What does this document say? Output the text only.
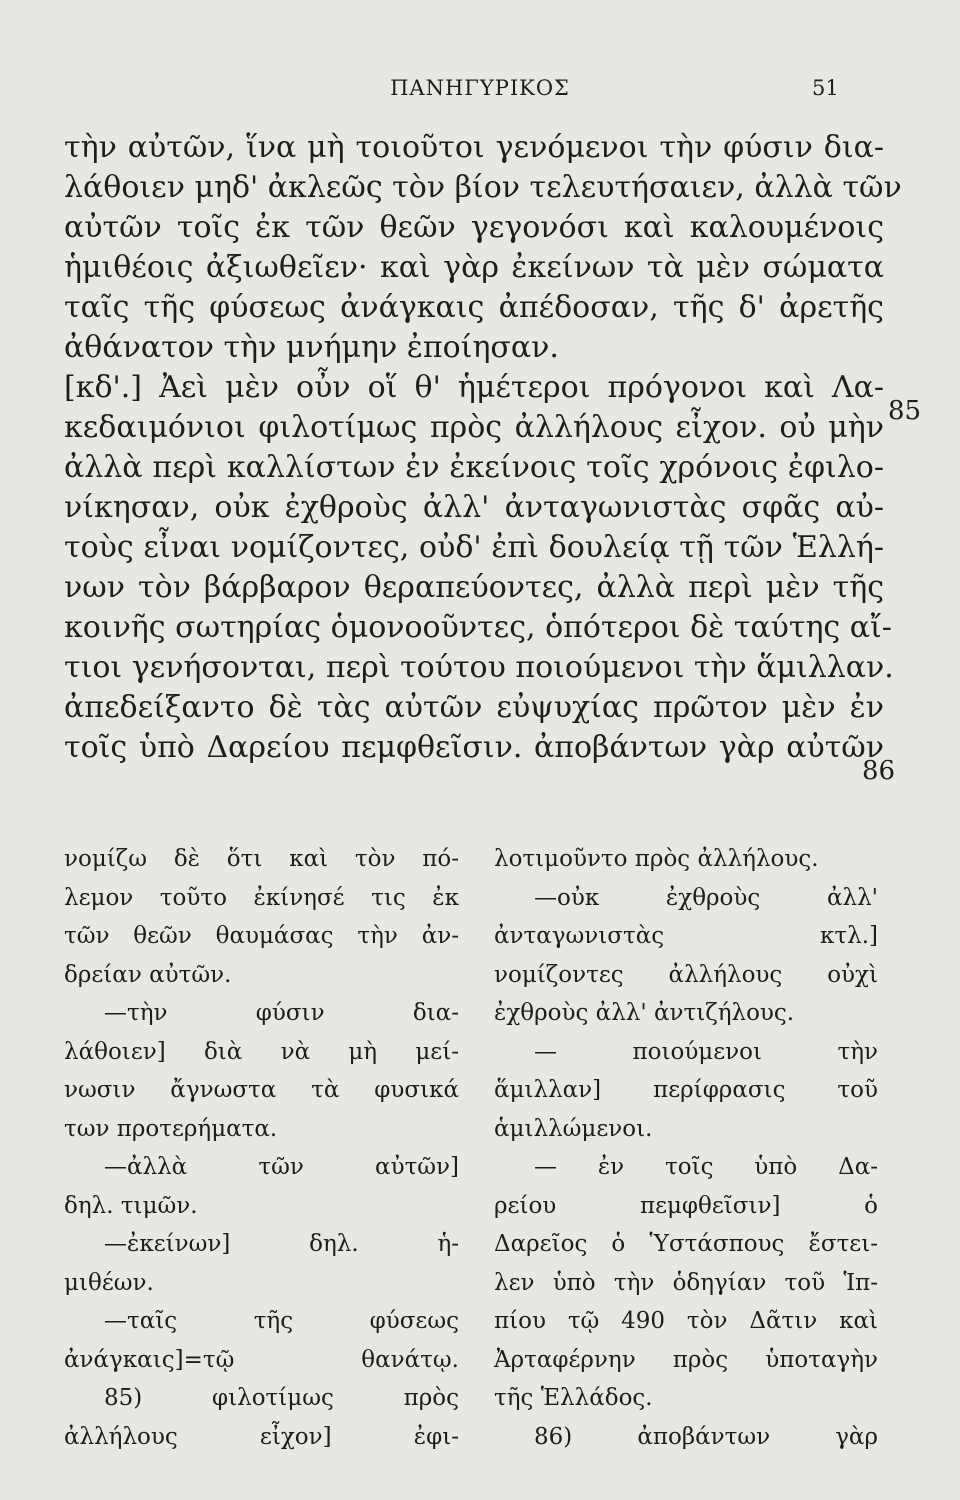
ΠΑΝΗΓΥΡΙΚΟΣ	51
τὴν αὐτῶν, ἵνα μὴ τοιοῦτοι γενόμενοι τὴν φύσιν δια-
λάθοιεν μηδ' ἀκλεῶς τὸν βίον τελευτήσαιεν, ἀλλὰ τῶν
αὐτῶν τοῖς ἐκ τῶν θεῶν γεγονόσι καὶ καλουμένοις
ἡμιθέοις ἀξιωθεῖεν· καὶ γὰρ ἐκείνων τὰ μὲν σώματα
ταῖς τῆς φύσεως ἀνάγκαις ἀπέδοσαν, τῆς δ' ἀρετῆς
ἀθάνατον τὴν μνήμην ἐποίησαν.
[κδ'.] Ἀεὶ μὲν οὖν οἵ θ' ἡμέτεροι πρόγονοι καὶ Λα-
κεδαιμόνιοι φιλοτίμως πρὸς ἀλλήλους εἶχον. οὐ μὴν
ἀλλὰ περὶ καλλίστων ἐν ἐκείνοις τοῖς χρόνοις ἐφιλο-
νίκησαν, οὐκ ἐχθροὺς ἀλλ' ἀνταγωνιστὰς σφᾶς αὐ-
τοὺς εἶναι νομίζοντες, οὐδ' ἐπὶ δουλείᾳ τῇ τῶν Ἑλλή-
νων τὸν βάρβαρον θεραπεύοντες, ἀλλὰ περὶ μὲν τῆς
κοινῆς σωτηρίας ὁμονοοῦντες, ὁπότεροι δὲ ταύτης αἴ-
τιοι γενήσονται, περὶ τούτου ποιούμενοι τὴν ἅμιλλαν.
ἀπεδείξαντο δὲ τὰς αὐτῶν εὐψυχίας πρῶτον μὲν ἐν
τοῖς ὑπὸ Δαρείου πεμφθεῖσιν. ἀποβάντων γὰρ αὐτῶν
85
86
νομίζω δὲ ὅτι καὶ τὸν πό-
λεμον τοῦτο ἐκίνησέ τις ἐκ
τῶν θεῶν θαυμάσας τὴν ἀν-
δρείαν αὐτῶν.
—τὴν φύσιν δια-
λάθοιεν] διὰ νὰ μὴ μεί-
νωσιν ἄγνωστα τὰ φυσικά
των προτερήματα.
—ἀλλὰ τῶν αὐτῶν]
δηλ. τιμῶν.
—ἐκείνων] δηλ. ἡ-
μιθέων.
—ταῖς τῆς φύσεως
ἀνάγκαις]=τῷ θανάτῳ.
85) φιλοτίμως πρὸς
ἀλλήλους εἶχον] ἐφι-
λοτιμοῦντο πρὸς ἀλλήλους.
—οὐκ ἐχθροὺς ἀλλ'
ἀνταγωνιστὰς κτλ.]
νομίζοντες ἀλλήλους οὐχὶ
ἐχθροὺς ἀλλ' ἀντιζήλους.
— ποιούμενοι τὴν
ἅμιλλαν] περίφρασις τοῦ
ἁμιλλώμενοι.
— ἐν τοῖς ὑπὸ Δα-
ρείου πεμφθεῖσιν] ὁ
Δαρεῖος ὁ Ὑστάσπους ἔστει-
λεν ὑπὸ τὴν ὁδηγίαν τοῦ Ἱπ-
πίου τῷ 490 τὸν Δᾶτιν καὶ
Ἀρταφέρνην πρὸς ὑποταγὴν
τῆς Ἑλλάδος.
86) ἀποβάντων γὰρ
